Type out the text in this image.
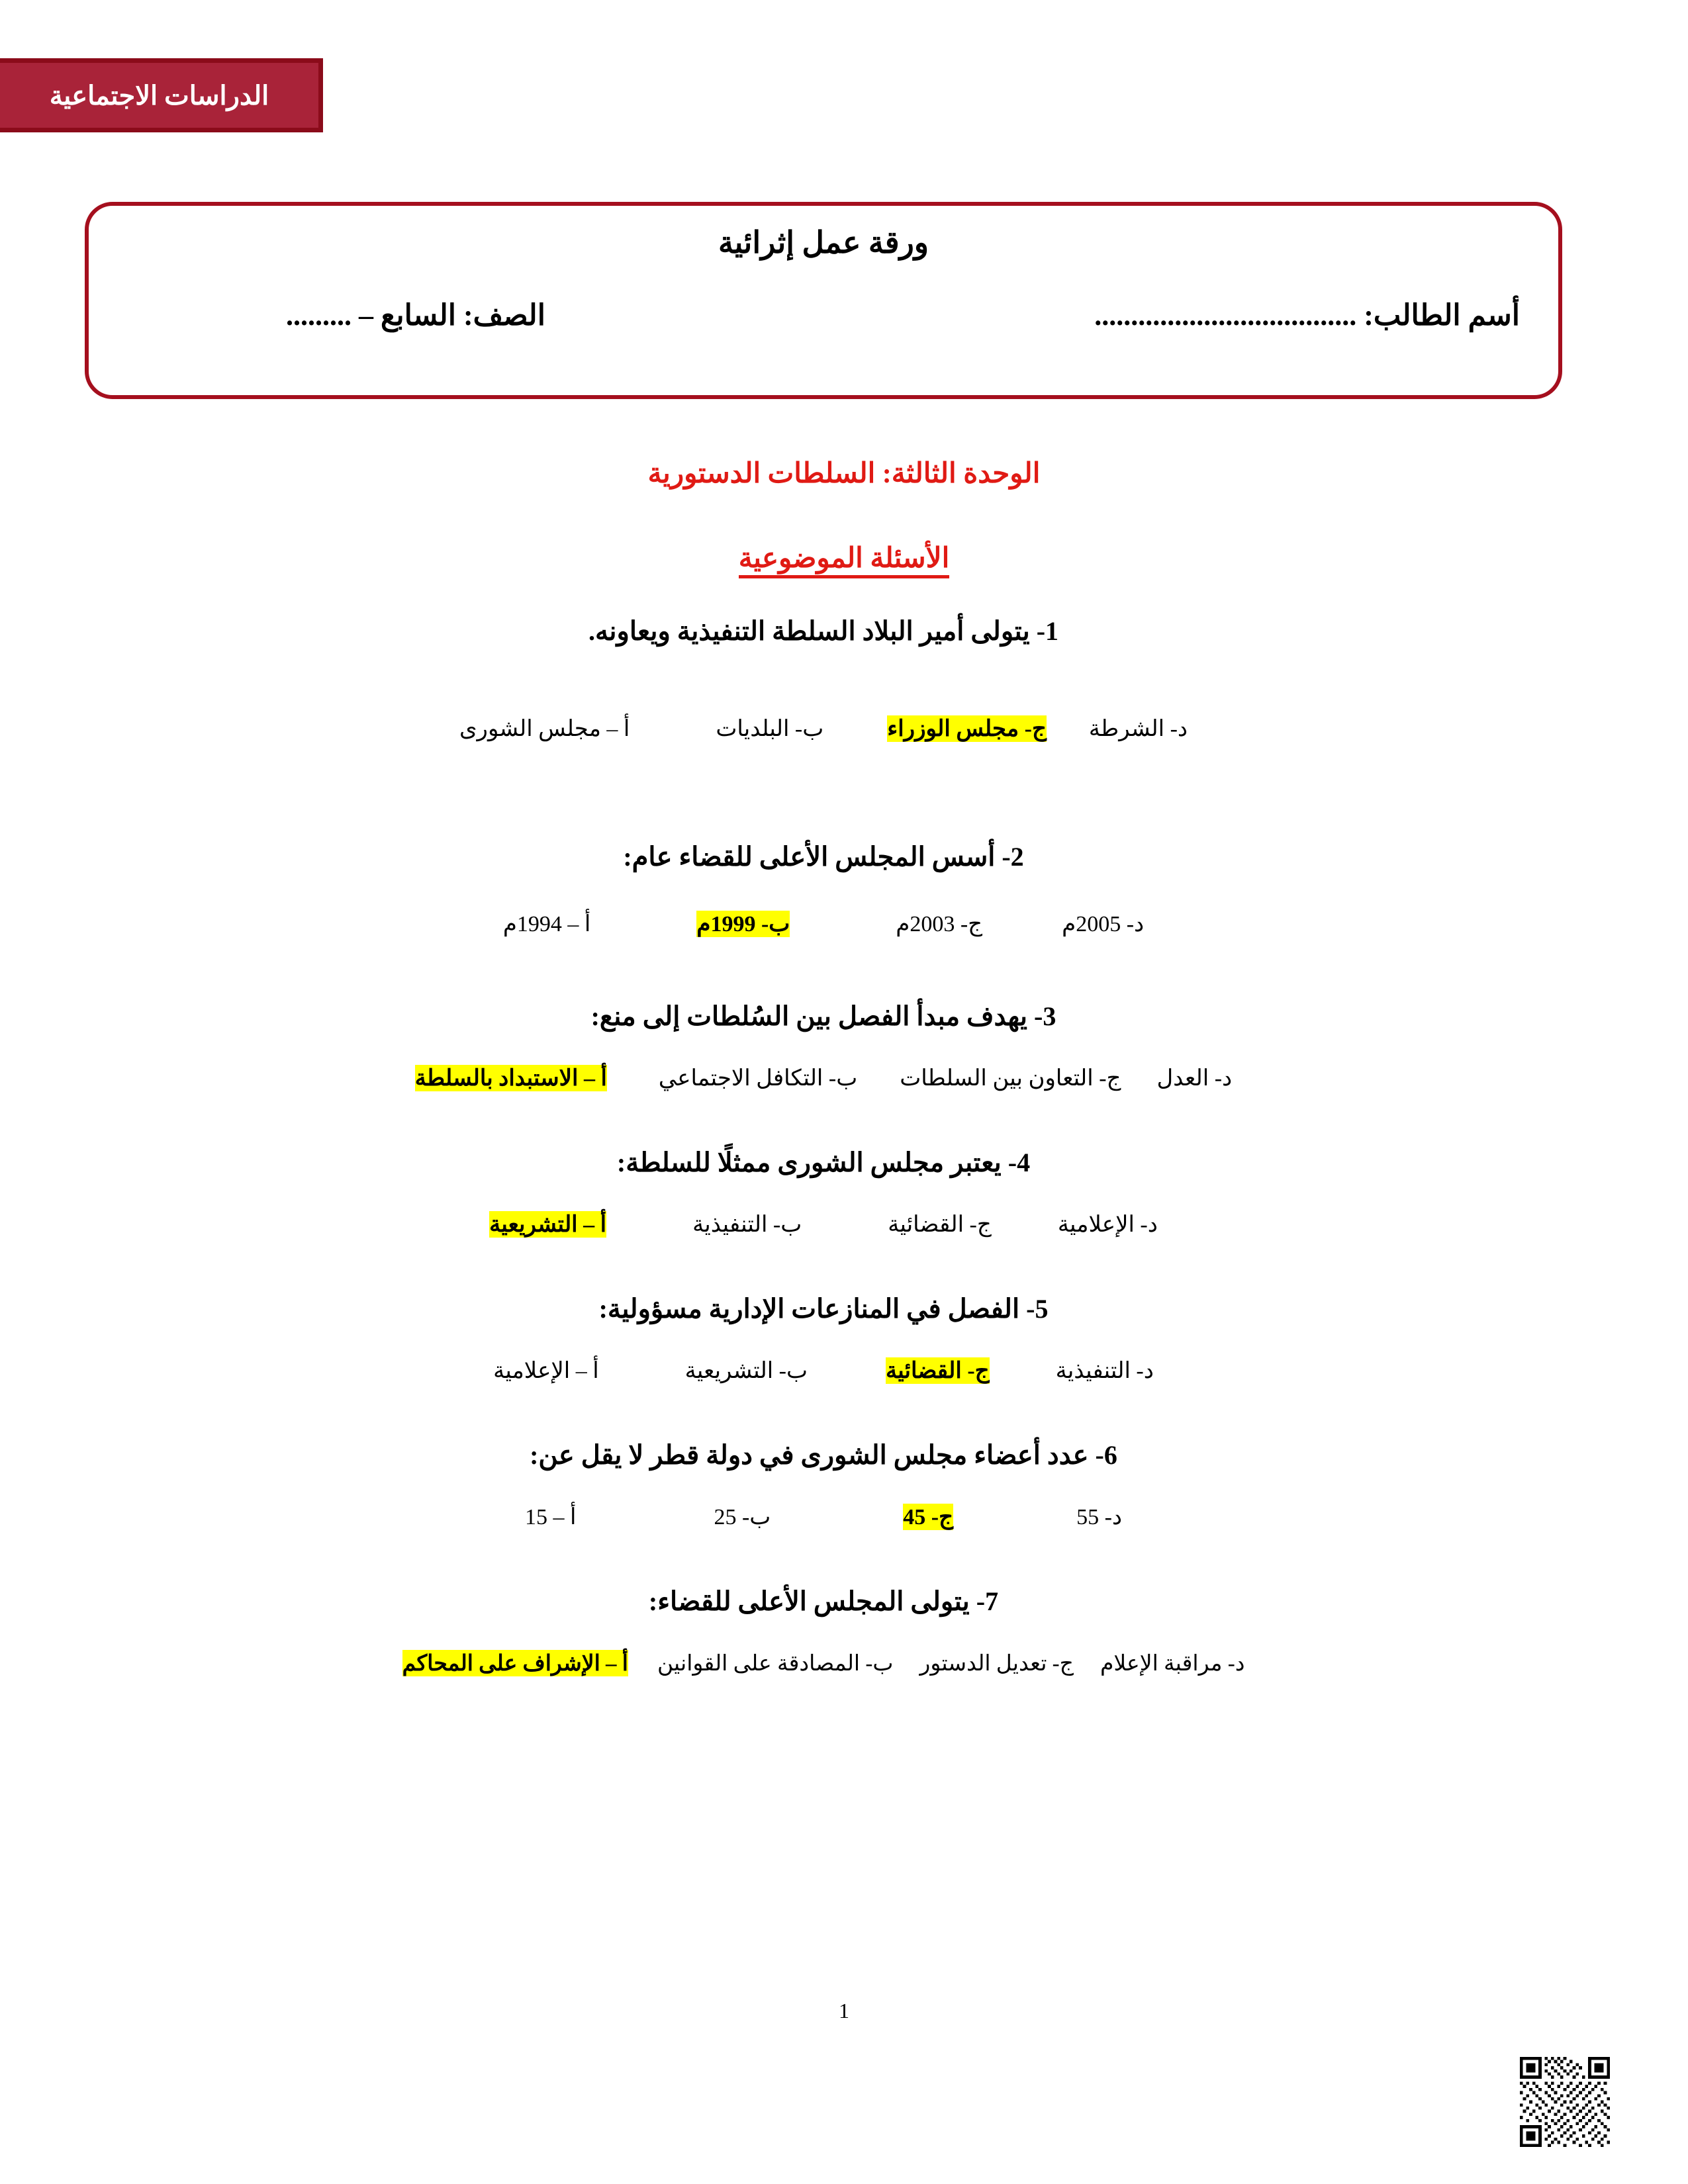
الدراسات الاجتماعية
ورقة عمل إثرائية
أسم الطالب: ....................................
الصف: السابع – .........
الوحدة الثالثة: السلطات الدستورية
الأسئلة الموضوعية
1- يتولى أمير البلاد السلطة التنفيذية ويعاونه.
د- الشرطة
ج- مجلس الوزراء
ب- البلديات
أ – مجلس الشورى
2- أسس المجلس الأعلى للقضاء عام:
د- 2005م
ج- 2003م
ب- 1999م
أ – 1994م
3- يهدف مبدأ الفصل بين السُلطات إلى منع:
د- العدل
ج- التعاون بين السلطات
ب- التكافل الاجتماعي
أ – الاستبداد بالسلطة
4- يعتبر مجلس الشورى ممثلًا للسلطة:
د- الإعلامية
ج- القضائية
ب- التنفيذية
أ – التشريعية
5- الفصل في المنازعات الإدارية مسؤولية:
د- التنفيذية
ج- القضائية
ب- التشريعية
أ – الإعلامية
6- عدد أعضاء مجلس الشورى في دولة قطر لا يقل عن:
د- 55
ج- 45
ب- 25
أ – 15
7- يتولى المجلس الأعلى للقضاء:
د- مراقبة الإعلام
ج- تعديل الدستور
ب- المصادقة على القوانين
أ – الإشراف على المحاكم
1
